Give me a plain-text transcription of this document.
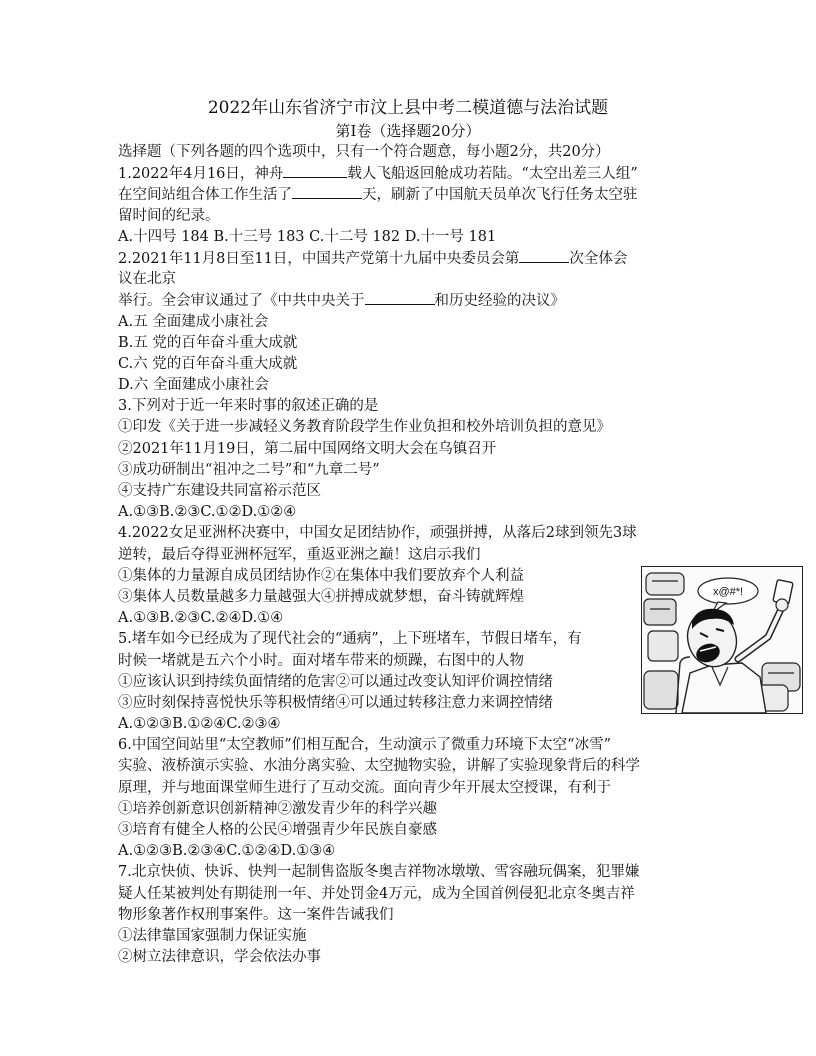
2022年山东省济宁市汶上县中考二模道德与法治试题
第Ⅰ卷（选择题20分）
选择题（下列各题的四个选项中，只有一个符合题意，每小题2分，共20分）
1.2022年4月16日，神舟	载人飞船返回舱成功若陆。“太空出差三人组”
在空间站组合体工作生活了	天，刷新了中国航天员单次飞行任务太空驻
留时间的纪录。
A.十四号 184 B.十三号 183 C.十二号 182 D.十一号 181
2.2021年11月8日至11日，中国共产党第十九届中央委员会第	次全体会
议在北京
举行。全会审议通过了《中共中央关于	和历史经验的决议》
A.五 全面建成小康社会
B.五 党的百年奋斗重大成就
C.六 党的百年奋斗重大成就
D.六 全面建成小康社会
3.下列对于近一年来时事的叙述正确的是
①印发《关于进一步减轻义务教育阶段学生作业负担和校外培训负担的意见》
②2021年11月19日，第二届中国网络文明大会在乌镇召开
③成功研制出“祖冲之二号”和“九章二号”
④支持广东建设共同富裕示范区
A.①③B.②③C.①②D.①②④
4.2022女足亚洲杯决赛中，中国女足团结协作，顽强拼搏，从落后2球到领先3球
逆转，最后夺得亚洲杯冠军，重返亚洲之巅！这启示我们
①集体的力量源自成员团结协作②在集体中我们要放弃个人利益
③集体人员数量越多力量越强大④拼搏成就梦想，奋斗铸就辉煌
A.①③B.②③C.②④D.①④
5.堵车如今已经成为了现代社会的“通病”，上下班堵车，节假日堵车，有
时候一堵就是五六个小时。面对堵车带来的烦躁，右图中的人物
①应该认识到持续负面情绪的危害②可以通过改变认知评价调控情绪
③应时刻保持喜悦快乐等积极情绪④可以通过转移注意力来调控情绪
A.①②③B.①②④C.②③④
6.中国空间站里“太空教师”们相互配合，生动演示了微重力环境下太空“冰雪”
实验、液桥演示实验、水油分离实验、太空抛物实验，讲解了实验现象背后的科学
原理，并与地面课堂师生进行了互动交流。面向青少年开展太空授课，有利于
①培养创新意识创新精神②激发青少年的科学兴趣
③培育有健全人格的公民④增强青少年民族自豪感
A.①②③B.②③④C.①②④D.①③④
7.北京快侦、快诉、快判一起制售盗版冬奥吉祥物冰墩墩、雪容融玩偶案，犯罪嫌
疑人任某被判处有期徒刑一年、并处罚金4万元，成为全国首例侵犯北京冬奥吉祥
物形象著作权刑事案件。这一案件告诫我们
①法律靠国家强制力保证实施
②树立法律意识，学会依法办事
x@#*!
